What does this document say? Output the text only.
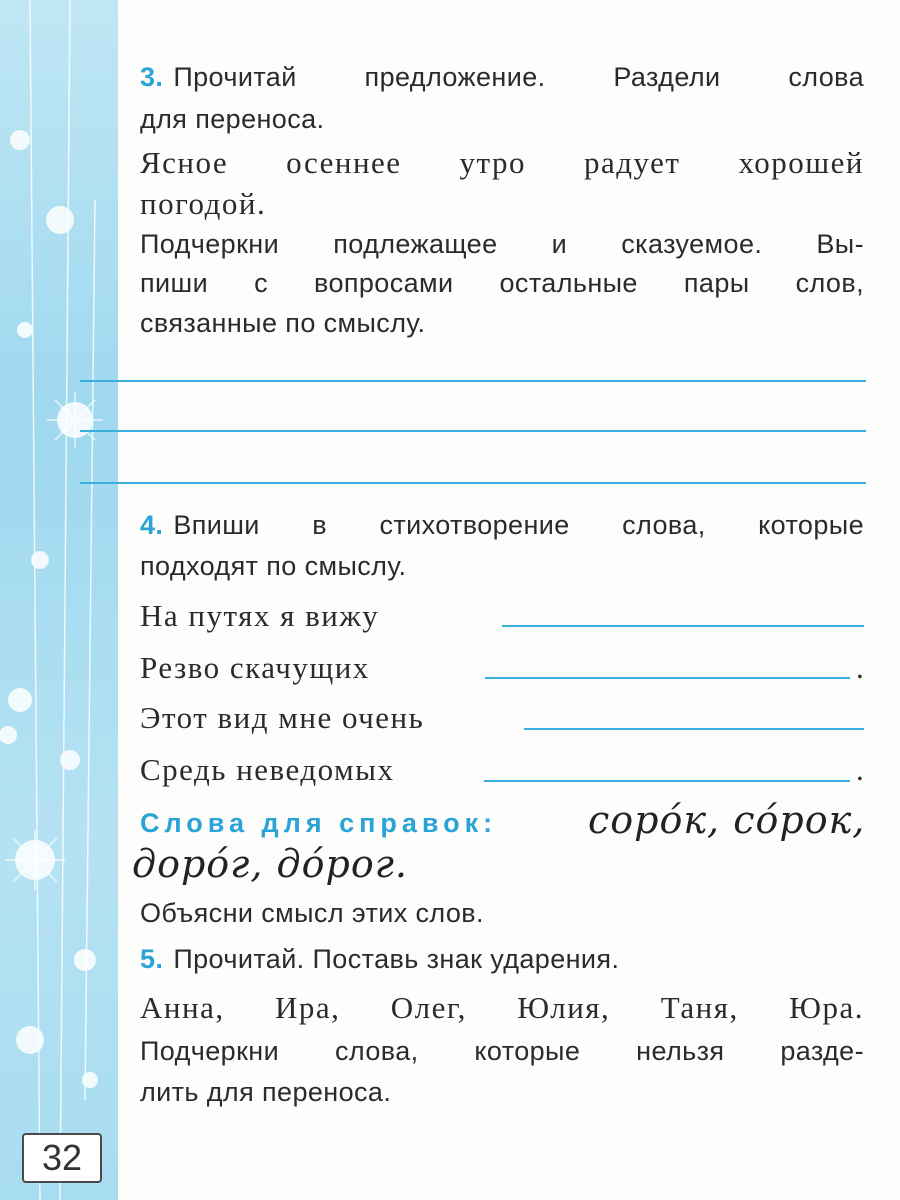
32
3. Прочитай предложение. Раздели слова
для переноса.
Ясное осеннее утро радует хорошей
погодой.
Подчеркни подлежащее и сказуемое. Вы-
пиши с вопросами остальные пары слов,
связанные по смыслу.
4. Впиши в стихотворение слова, которые
подходят по смыслу.
На путях я вижу
Резво скачущих	.
Этот вид мне очень
Средь неведомых	.
Слова для справок: сорóк, сóрок,
дорóг, дóрог.
Объясни смысл этих слов.
5. Прочитай. Поставь знак ударения.
Анна, Ира, Олег, Юлия, Таня, Юра.
Подчеркни слова, которые нельзя разде-
лить для переноса.
